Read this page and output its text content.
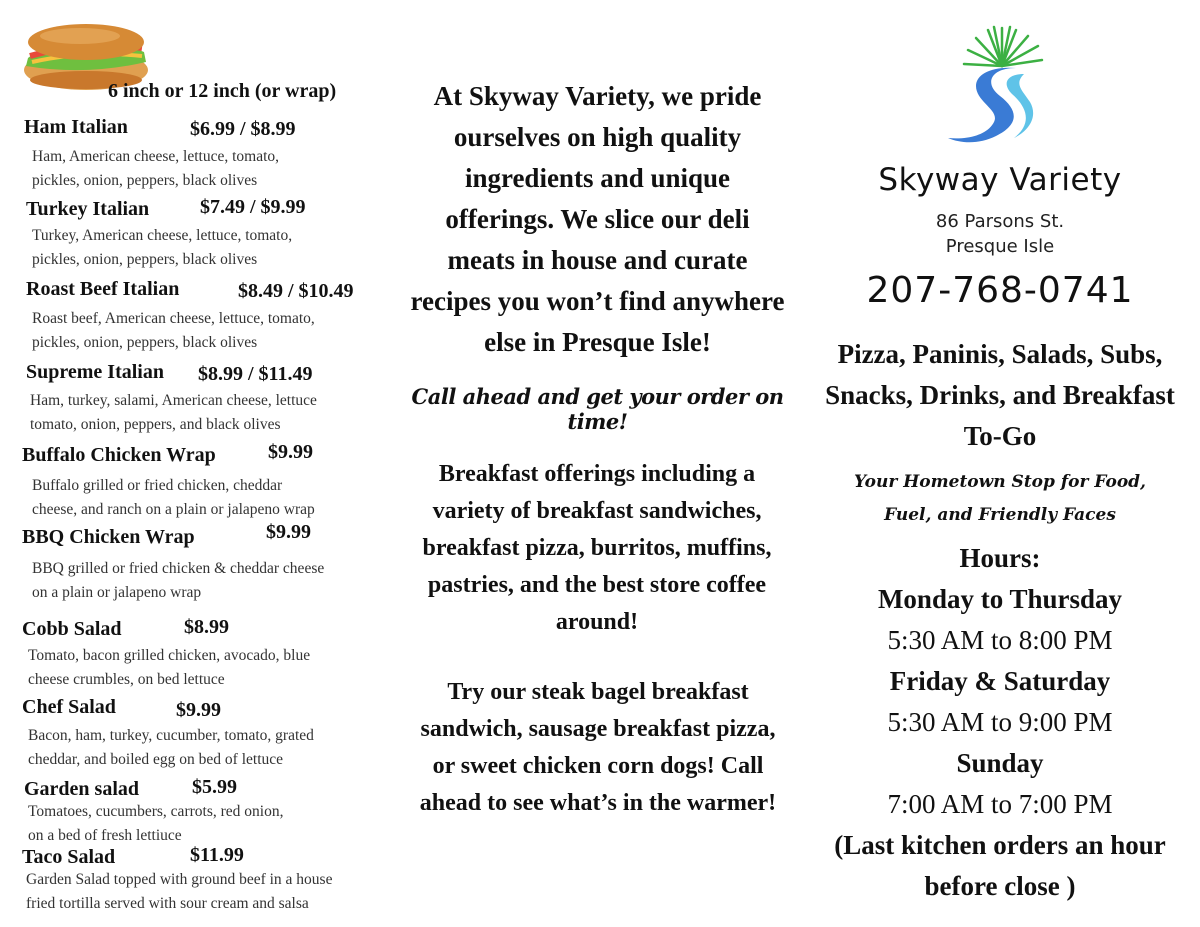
6 inch or 12 inch (or wrap)
Ham Italian	$6.99 / $8.99
Ham, American cheese, lettuce, tomato,
pickles, onion, peppers, black olives
Turkey Italian	$7.49 / $9.99
Turkey, American cheese, lettuce, tomato,
pickles, onion, peppers, black olives
Roast Beef Italian	$8.49 / $10.49
Roast beef, American cheese, lettuce, tomato,
pickles, onion, peppers, black olives
Supreme Italian $8.99 / $11.49
Ham, turkey, salami, American cheese, lettuce
tomato, onion, peppers, and black olives
Buffalo Chicken Wrap	$9.99
Buffalo grilled or fried chicken, cheddar
cheese, and ranch on a plain or jalapeno wrap
BBQ Chicken Wrap	$9.99
BBQ grilled or fried chicken & cheddar cheese
on a plain or jalapeno wrap
Cobb Salad	$8.99
Tomato, bacon grilled chicken, avocado, blue
cheese crumbles, on bed lettuce
Chef Salad	$9.99
Bacon, ham, turkey, cucumber, tomato, grated
cheddar, and boiled egg on bed of lettuce
Garden salad	$5.99
Tomatoes, cucumbers, carrots, red onion,
on a bed of fresh lettiuce
Taco Salad	$11.99
Garden Salad topped with ground beef in a house
fried tortilla served with sour cream and salsa
At Skyway Variety, we pride ourselves on high quality ingredients and unique offerings. We slice our deli meats in house and curate recipes you won’t find anywhere else in Presque Isle!
Call ahead and get your order on time!
Breakfast offerings including a variety of breakfast sandwiches, breakfast pizza, burritos, muffins, pastries, and the best store coffee around!
Try our steak bagel breakfast sandwich, sausage breakfast pizza, or sweet chicken corn dogs! Call ahead to see what’s in the warmer!
Skyway Variety
86 Parsons St.
Presque Isle
207-768-0741
Pizza, Paninis, Salads, Subs, Snacks, Drinks, and Breakfast To-Go
Your Hometown Stop for Food, Fuel, and Friendly Faces
Hours:
Monday to Thursday
5:30 AM to 8:00 PM
Friday & Saturday
5:30 AM to 9:00 PM
Sunday
7:00 AM to 7:00 PM
(Last kitchen orders an hour before close )
